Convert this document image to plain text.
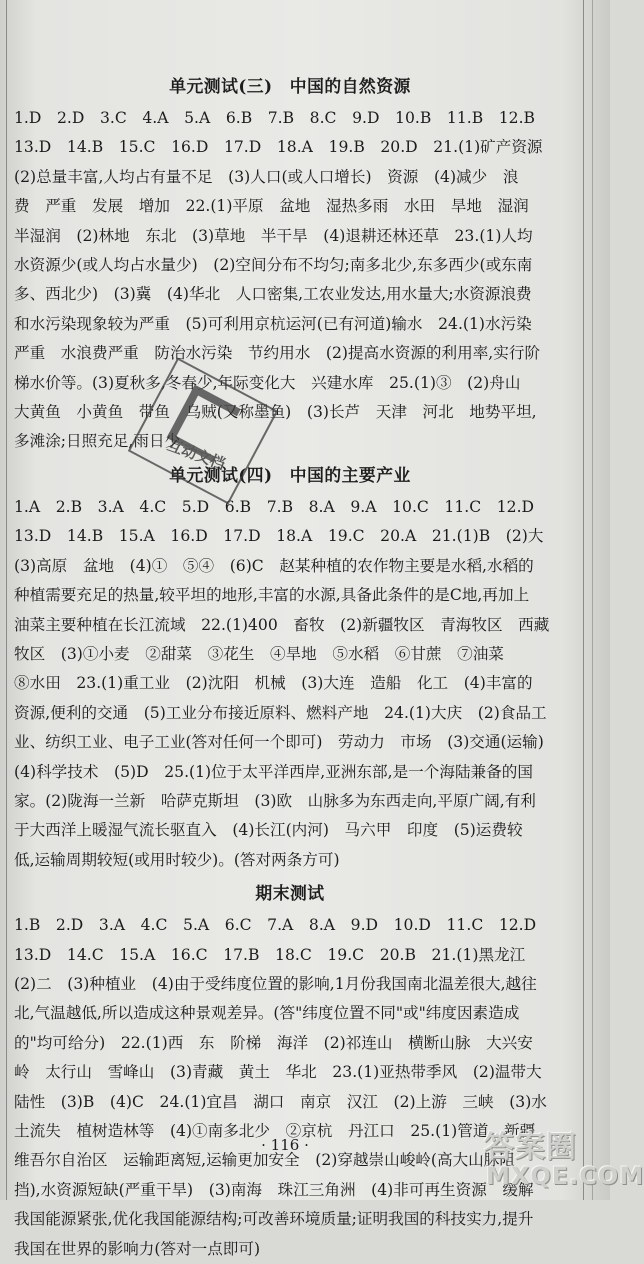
单元测试(三)　中国的自然资源

1.D　2.D　3.C　4.A　5.A　6.B　7.B　8.C　9.D　10.B　11.B　12.B

13.D　14.B　15.C　16.D　17.D　18.A　19.B　20.D　21.(1)矿产资源

(2)总量丰富,人均占有量不足　(3)人口(或人口增长)　资源　(4)减少　浪

费　严重　发展　增加　22.(1)平原　盆地　湿热多雨　水田　旱地　湿润

半湿润　(2)林地　东北　(3)草地　半干旱　(4)退耕还林还草　23.(1)人均

水资源少(或人均占水量少)　(2)空间分布不均匀;南多北少,东多西少(或东南

多、西北少)　(3)冀　(4)华北　人口密集,工农业发达,用水量大;水资源浪费

和水污染现象较为严重　(5)可利用京杭运河(已有河道)输水　24.(1)水污染

严重　水浪费严重　防治水污染　节约用水　(2)提高水资源的利用率,实行阶

梯水价等。(3)夏秋多,冬春少,年际变化大　兴建水库　25.(1)③　(2)舟山

大黄鱼　小黄鱼　带鱼　乌贼(又称墨鱼)　(3)长芦　天津　河北　地势平坦,

多滩涂;日照充足,雨日少

单元测试(四)　中国的主要产业

1.A　2.B　3.A　4.C　5.D　6.B　7.B　8.A　9.A　10.C　11.C　12.D

13.D　14.B　15.A　16.D　17.D　18.A　19.C　20.A　21.(1)B　(2)大

(3)高原　盆地　(4)①　⑤④　(6)C　赵某种植的农作物主要是水稻,水稻的

种植需要充足的热量,较平坦的地形,丰富的水源,具备此条件的是C地,再加上

油菜主要种植在长江流域　22.(1)400　畜牧　(2)新疆牧区　青海牧区　西藏

牧区　(3)①小麦　②甜菜　③花生　④旱地　⑤水稻　⑥甘蔗　⑦油菜

⑧水田　23.(1)重工业　(2)沈阳　机械　(3)大连　造船　化工　(4)丰富的

资源,便利的交通　(5)工业分布接近原料、燃料产地　24.(1)大庆　(2)食品工

业、纺织工业、电子工业(答对任何一个即可)　劳动力　市场　(3)交通(运输)

(4)科学技术　(5)D　25.(1)位于太平洋西岸,亚洲东部,是一个海陆兼备的国

家。(2)陇海一兰新　哈萨克斯坦　(3)欧　山脉多为东西走向,平原广阔,有利

于大西洋上暖湿气流长驱直入　(4)长江(内河)　马六甲　印度　(5)运费较

低,运输周期较短(或用时较少)。(答对两条方可)

期末测试

1.B　2.D　3.A　4.C　5.A　6.C　7.A　8.A　9.D　10.D　11.C　12.D

13.D　14.C　15.A　16.C　17.B　18.C　19.C　20.B　21.(1)黑龙江

(2)二　(3)种植业　(4)由于受纬度位置的影响,1月份我国南北温差很大,越往

北,气温越低,所以造成这种景观差异。(答"纬度位置不同"或"纬度因素造成

的"均可给分)　22.(1)西　东　阶梯　海洋　(2)祁连山　横断山脉　大兴安

岭　太行山　雪峰山　(3)青藏　黄土　华北　23.(1)亚热带季风　(2)温带大

陆性　(3)B　(4)C　24.(1)宜昌　湖口　南京　汉江　(2)上游　三峡　(3)水

土流失　植树造林等　(4)①南多北少　②京杭　丹江口　25.(1)管道　新疆

维吾尔自治区　运输距离短,运输更加安全　(2)穿越崇山峻岭(高大山脉阻

挡),水资源短缺(严重干旱)　(3)南海　珠江三角洲　(4)非可再生资源　缓解

我国能源紧张,优化我国能源结构;可改善环境质量;证明我国的科技实力,提升

我国在世界的影响力(答对一点即可)

互动文档
· 116 ·	答案圈
MXQE.COM
